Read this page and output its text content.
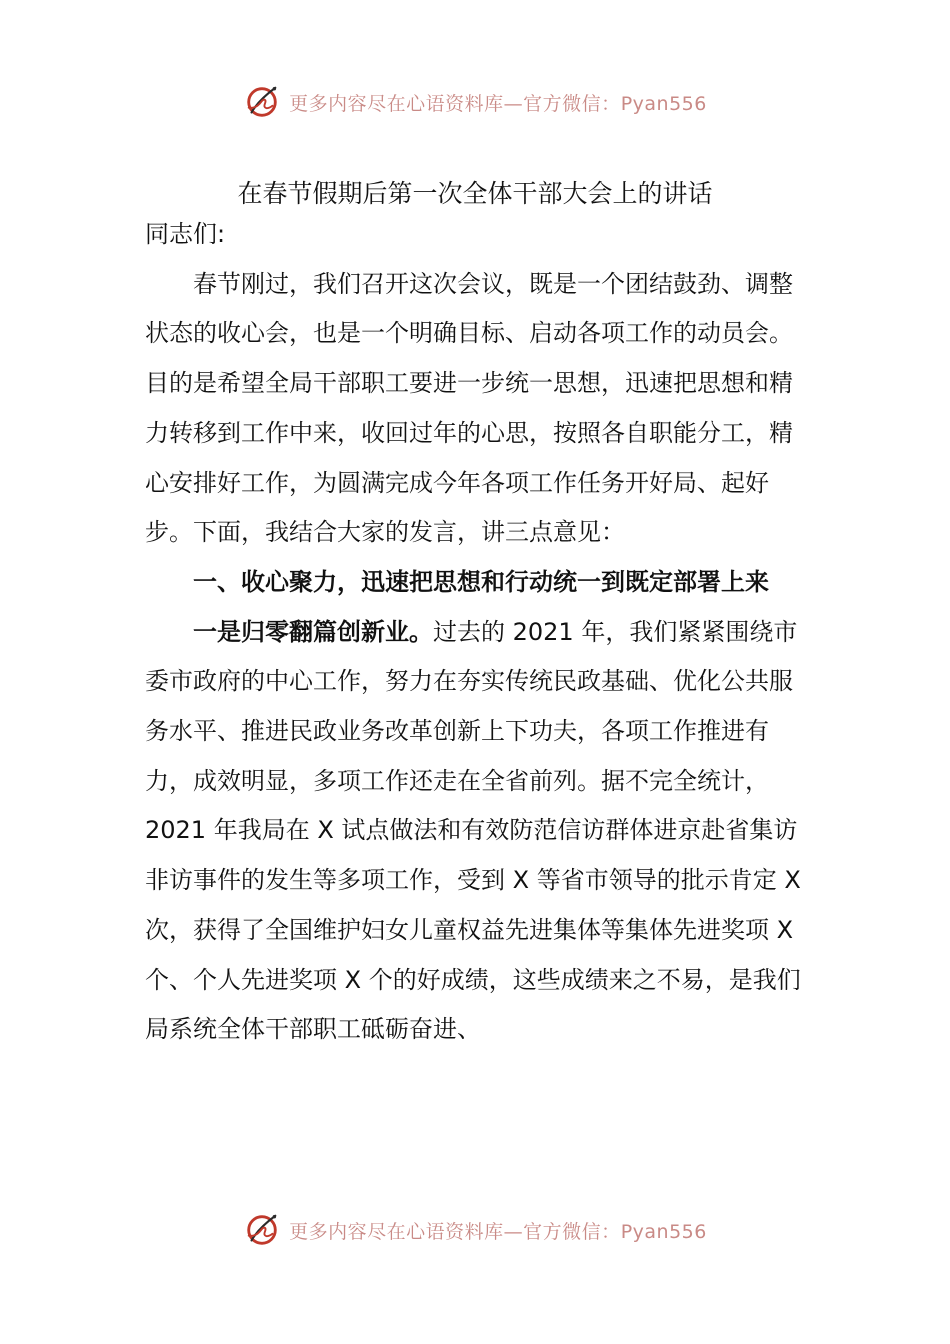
更多内容尽在心语资料库—官方微信：Pyan556
在春节假期后第一次全体干部大会上的讲话

同志们:

春节刚过，我们召开这次会议，既是一个团结鼓劲、调整状态的收心会，也是一个明确目标、启动各项工作的动员会。目的是希望全局干部职工要进一步统一思想，迅速把思想和精力转移到工作中来，收回过年的心思，按照各自职能分工，精心安排好工作，为圆满完成今年各项工作任务开好局、起好步。下面，我结合大家的发言，讲三点意见：

一、收心聚力，迅速把思想和行动统一到既定部署上来

一是归零翻篇创新业。过去的 2021 年，我们紧紧围绕市委市政府的中心工作，努力在夯实传统民政基础、优化公共服务水平、推进民政业务改革创新上下功夫，各项工作推进有力，成效明显，多项工作还走在全省前列。据不完全统计，2021 年我局在 X 试点做法和有效防范信访群体进京赴省集访非访事件的发生等多项工作，受到 X 等省市领导的批示肯定 X 次，获得了全国维护妇女儿童权益先进集体等集体先进奖项 X 个、个人先进奖项 X 个的好成绩，这些成绩来之不易，是我们局系统全体干部职工砥砺奋进、

更多内容尽在心语资料库—官方微信：Pyan556
